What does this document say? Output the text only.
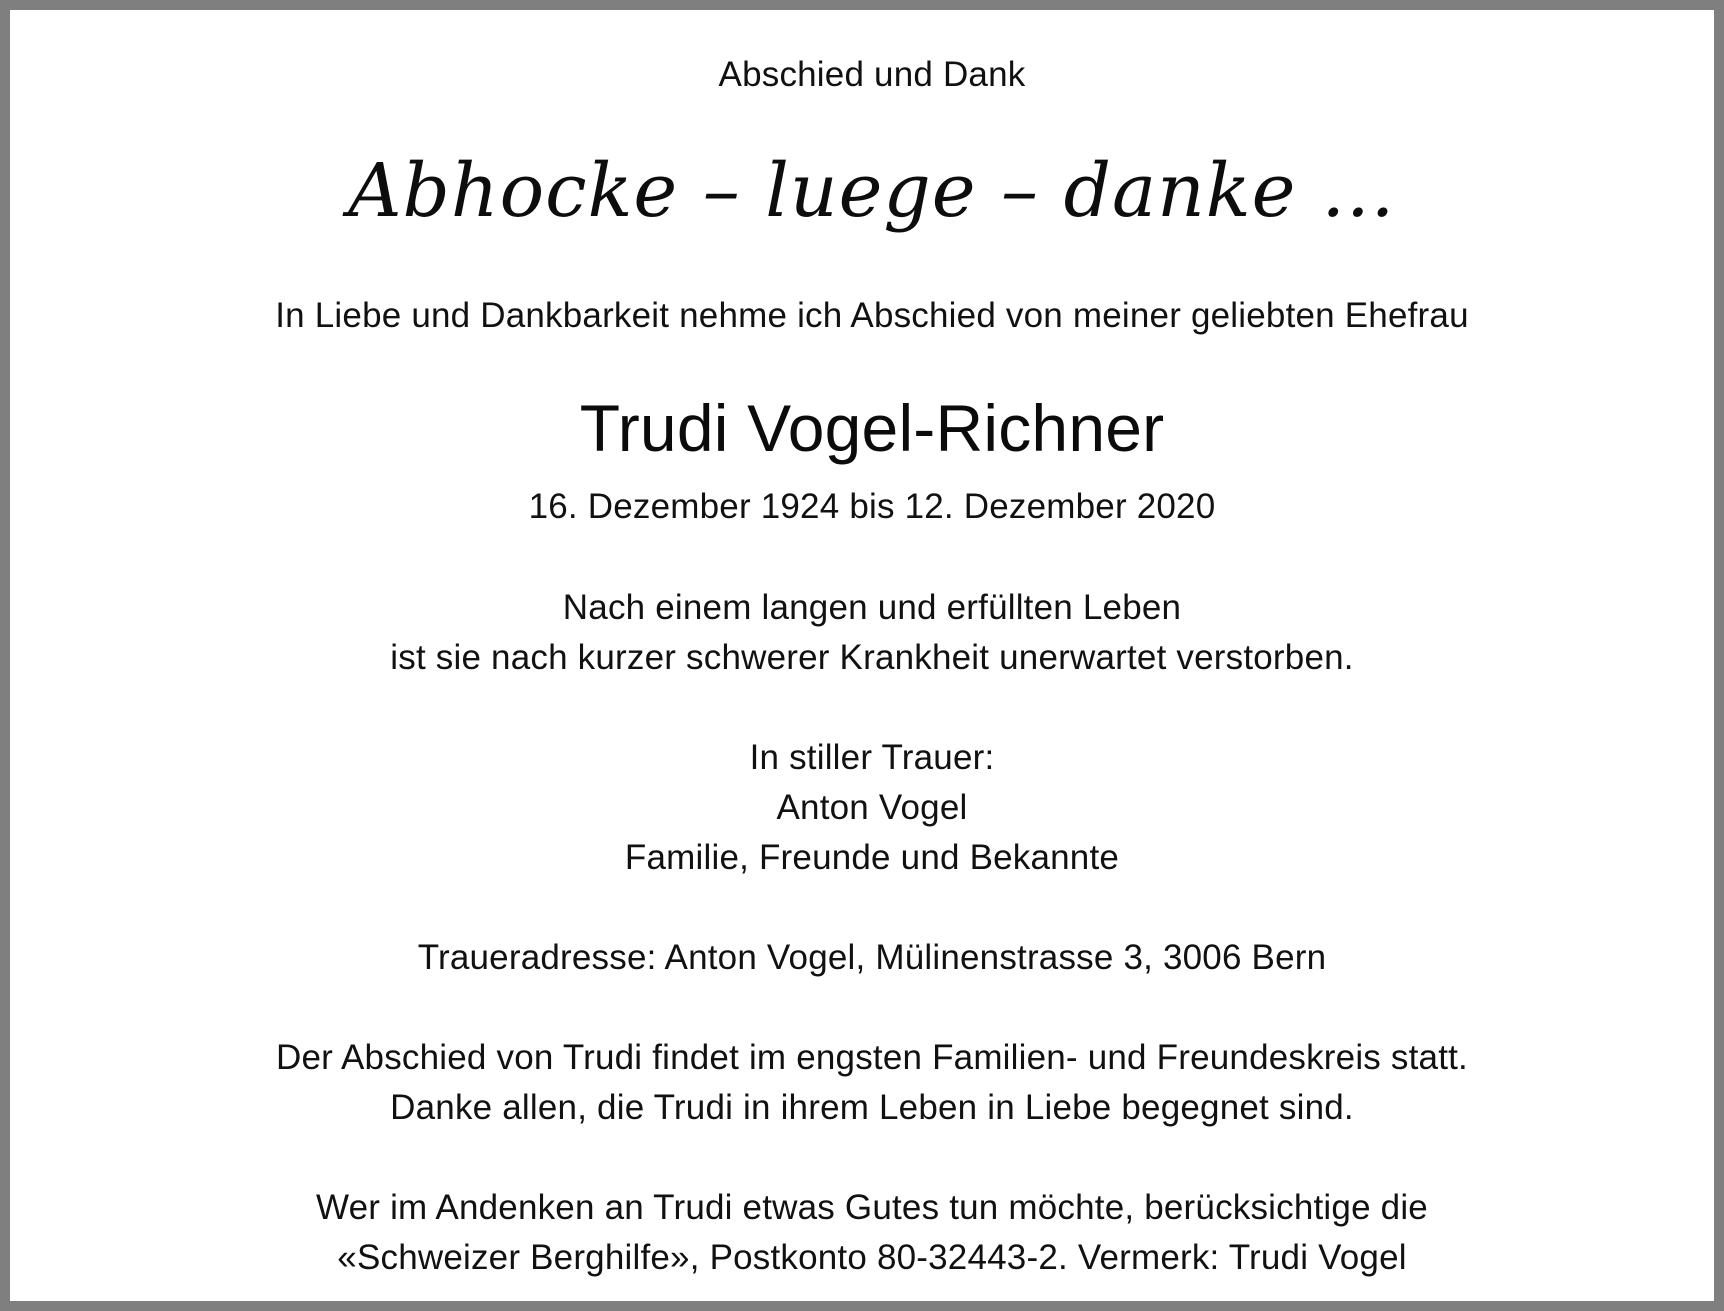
Abschied und Dank
Abhocke – luege – danke …
In Liebe und Dankbarkeit nehme ich Abschied von meiner geliebten Ehefrau
Trudi Vogel-Richner
16. Dezember 1924 bis 12. Dezember 2020
Nach einem langen und erfüllten Leben
ist sie nach kurzer schwerer Krankheit unerwartet verstorben.
In stiller Trauer:
Anton Vogel
Familie, Freunde und Bekannte
Traueradresse: Anton Vogel, Mülinenstrasse 3, 3006 Bern
Der Abschied von Trudi findet im engsten Familien- und Freundeskreis statt.
Danke allen, die Trudi in ihrem Leben in Liebe begegnet sind.
Wer im Andenken an Trudi etwas Gutes tun möchte, berücksichtige die
«Schweizer Berghilfe», Postkonto 80-32443-2. Vermerk: Trudi Vogel
